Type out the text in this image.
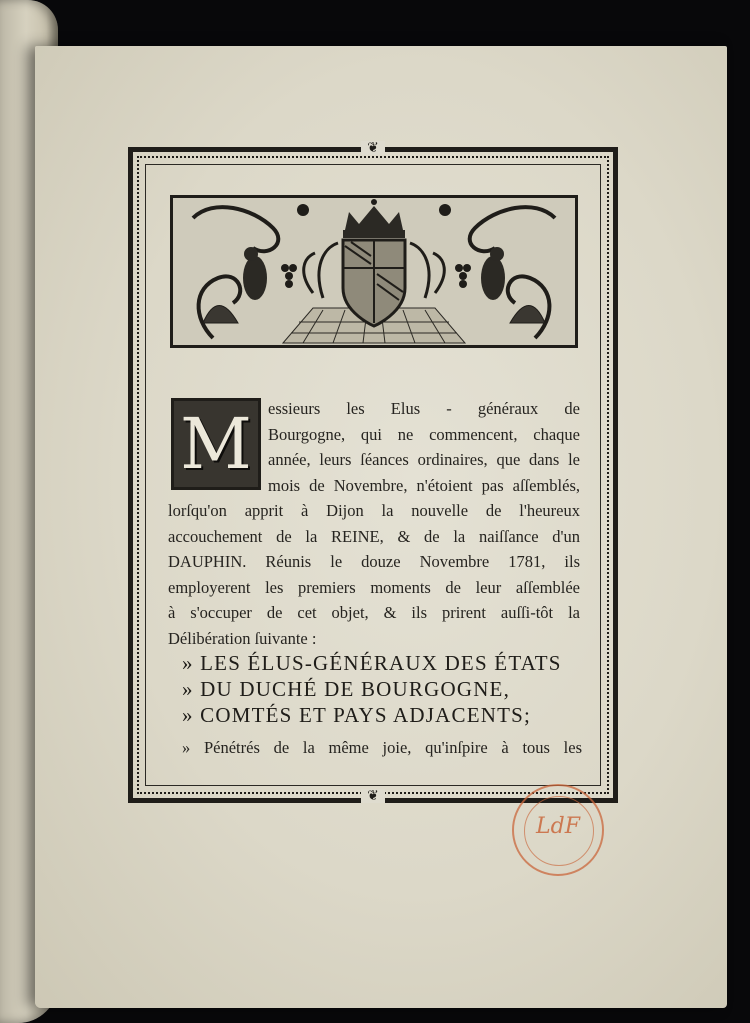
❦
❦
M essieurs les Elus - généraux de
Bourgogne, qui ne commencent, chaque
année, leurs ſéances ordinaires, que dans le
mois de Novembre, n'étoient pas aſſemblés,
lorſqu'on apprit à Dijon la nouvelle de l'heureux
accouchement de la REINE, & de la naiſſance d'un
DAUPHIN. Réunis le douze Novembre 1781, ils
employerent les premiers moments de leur aſſemblée
à s'occuper de cet objet, & ils prirent auſſi-tôt la
Délibération ſuivante :
» LES ÉLUS-GÉNÉRAUX DES ÉTATS
» DU DUCHÉ DE BOURGOGNE,
» COMTÉS ET PAYS ADJACENTS;
» Pénétrés de la même joie, qu'inſpire à tous les
LdF
